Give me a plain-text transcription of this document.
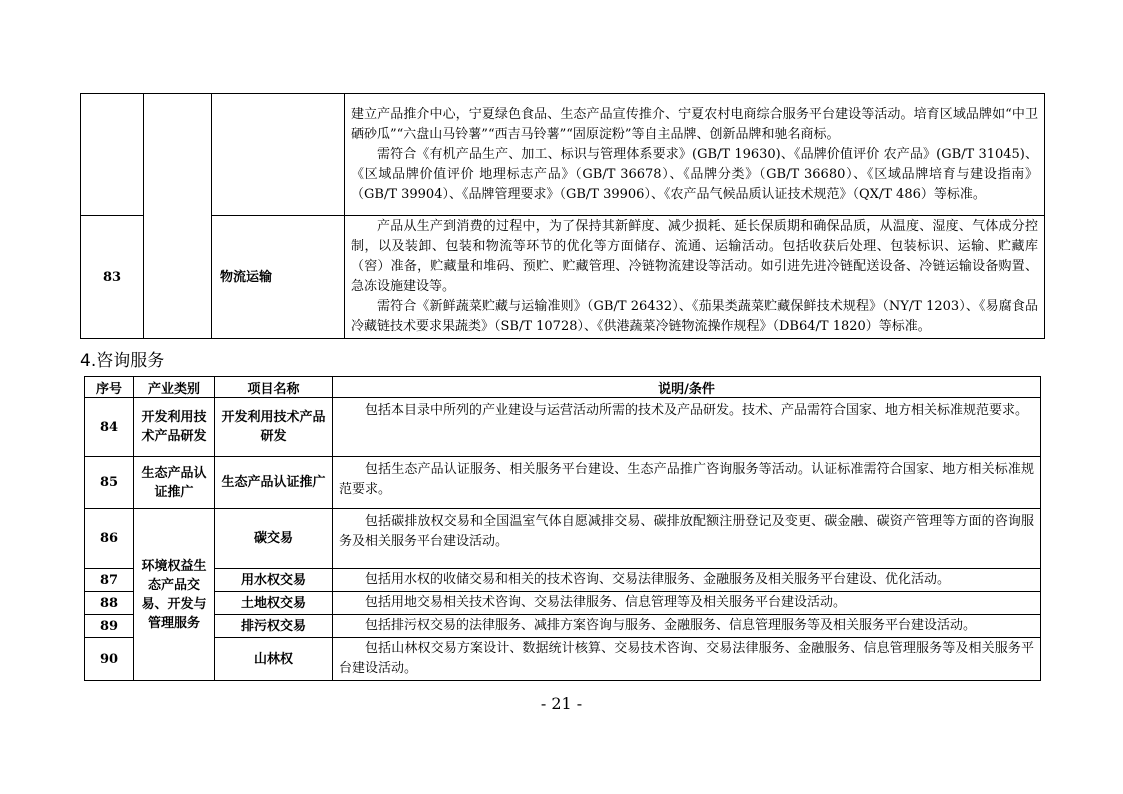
			建立产品推介中心，宁夏绿色食品、生态产品宣传推介、宁夏农村电商综合服务平台建设等活动。培育区域品牌如“中卫硒砂瓜”“六盘山马铃薯”“西吉马铃薯”“固原淀粉”等自主品牌、创新品牌和驰名商标。

需符合《有机产品生产、加工、标识与管理体系要求》(GB/T 19630)、《品牌价值评价 农产品》(GB/T 31045)、《区域品牌价值评价 地理标志产品》（GB/T 36678）、《品牌分类》（GB/T 36680）、《区域品牌培育与建设指南》（GB/T 39904）、《品牌管理要求》（GB/T 39906）、《农产品气候品质认证技术规范》（QX/T 486）等标准。

83		物流运输	产品从生产到消费的过程中，为了保持其新鲜度、减少损耗、延长保质期和确保品质，从温度、湿度、气体成分控制，以及装卸、包装和物流等环节的优化等方面储存、流通、运输活动。包括收获后处理、包装标识、运输、贮藏库（窖）准备，贮藏量和堆码、预贮、贮藏管理、冷链物流建设等活动。如引进先进冷链配送设备、冷链运输设备购置、急冻设施建设等。

需符合《新鲜蔬菜贮藏与运输准则》（GB/T 26432）、《茄果类蔬菜贮藏保鲜技术规程》（NY/T 1203）、《易腐食品冷藏链技术要求果蔬类》（SB/T 10728）、《供港蔬菜冷链物流操作规程》（DB64/T 1820）等标准。

4.咨询服务
序号	产业类别	项目名称	说明/条件
84	开发利用技术产品研发	开发利用技术产品研发	包括本目录中所列的产业建设与运营活动所需的技术及产品研发。技术、产品需符合国家、地方相关标准规范要求。

85	生态产品认证推广	生态产品认证推广	包括生态产品认证服务、相关服务平台建设、生态产品推广咨询服务等活动。认证标准需符合国家、地方相关标准规范要求。

86	环境权益生态产品交易、开发与管理服务	碳交易	包括碳排放权交易和全国温室气体自愿减排交易、碳排放配额注册登记及变更、碳金融、碳资产管理等方面的咨询服务及相关服务平台建设活动。

87		用水权交易	包括用水权的收储交易和相关的技术咨询、交易法律服务、金融服务及相关服务平台建设、优化活动。

88		土地权交易	包括用地交易相关技术咨询、交易法律服务、信息管理等及相关服务平台建设活动。

89		排污权交易	包括排污权交易的法律服务、减排方案咨询与服务、金融服务、信息管理服务等及相关服务平台建设活动。

90		山林权	包括山林权交易方案设计、数据统计核算、交易技术咨询、交易法律服务、金融服务、信息管理服务等及相关服务平台建设活动。

- 21 -
